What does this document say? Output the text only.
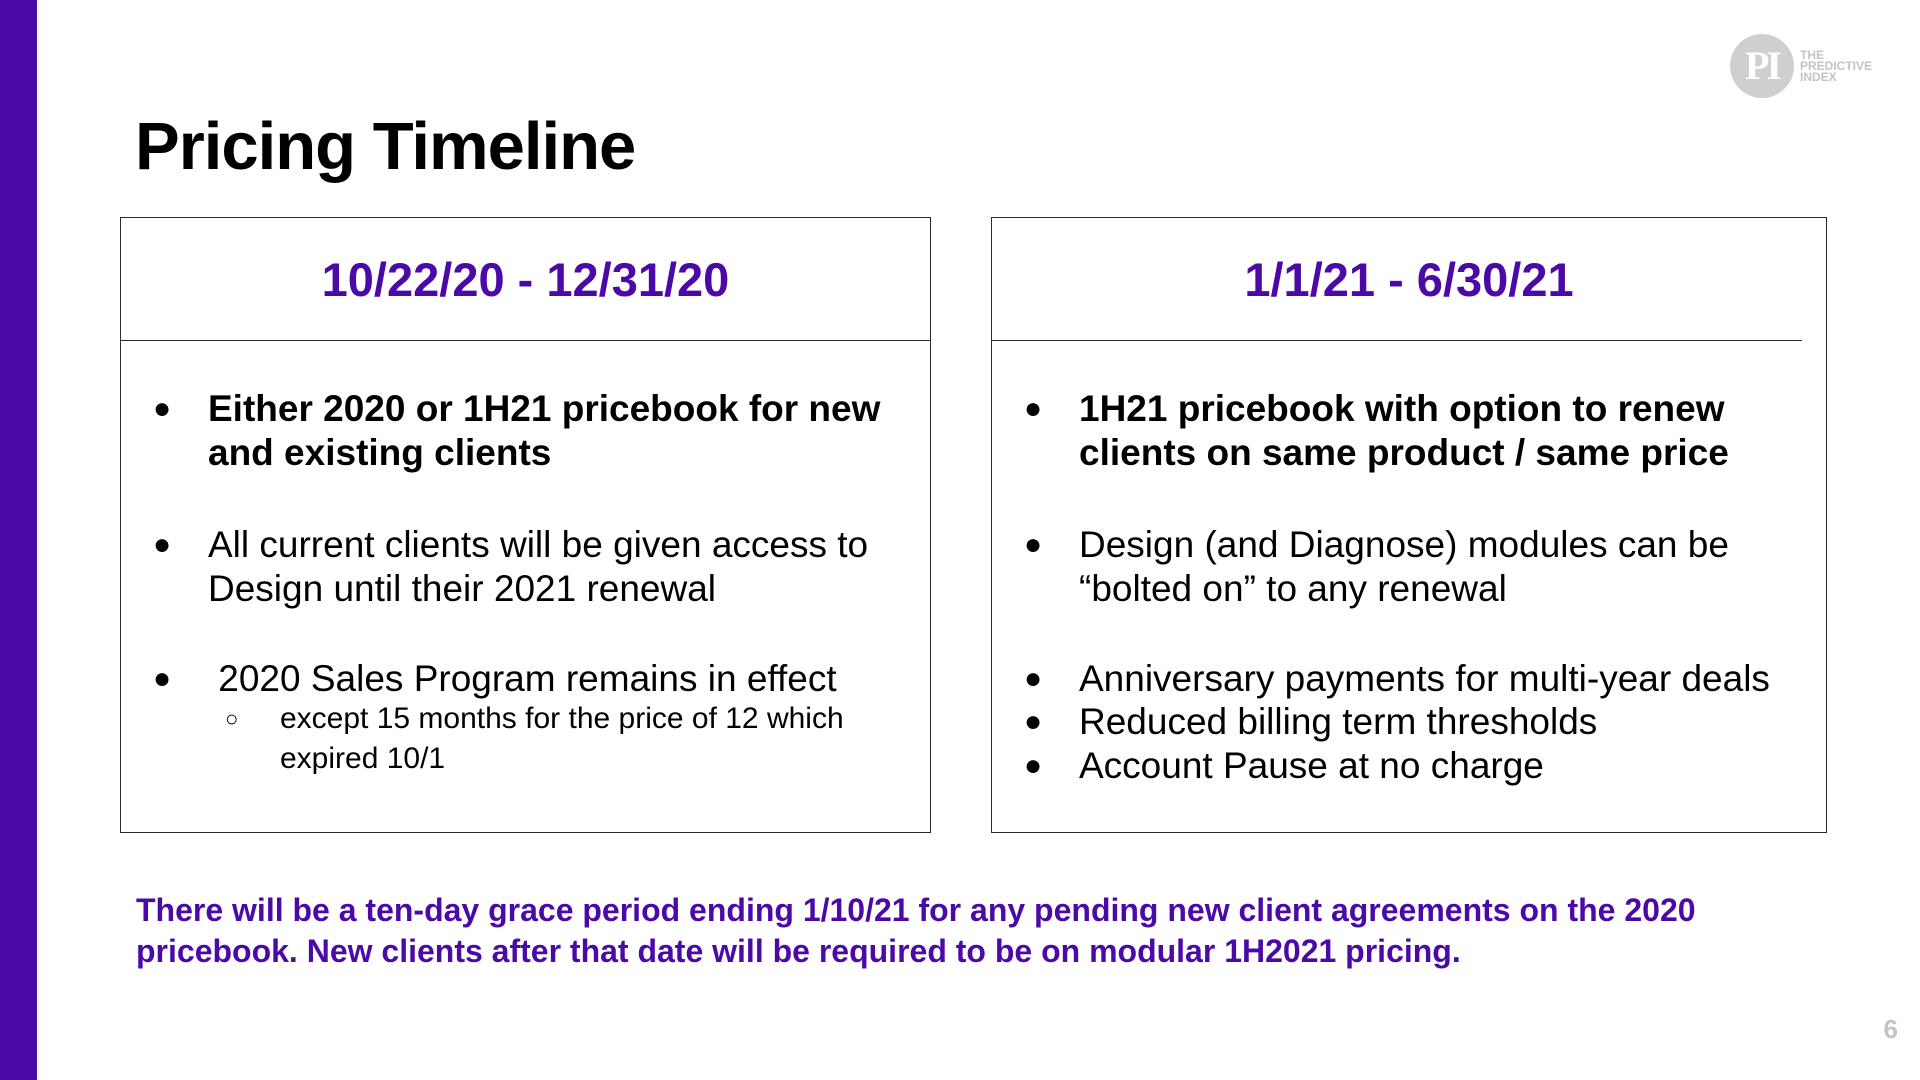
PI	THE
PREDICTIVE
INDEX
Pricing Timeline
10/22/20 - 12/31/20
● Either 2020 or 1H21 pricebook for new
and existing clients
● All current clients will be given access to
Design until their 2021 renewal
● 2020 Sales Program remains in effect
○ except 15 months for the price of 12 which
expired 10/1
1/1/21 - 6/30/21
● 1H21 pricebook with option to renew
clients on same product / same price
● Design (and Diagnose) modules can be
“bolted on” to any renewal
● Anniversary payments for multi-year deals
● Reduced billing term thresholds
● Account Pause at no charge
There will be a ten-day grace period ending 1/10/21 for any pending new client agreements on the 2020
pricebook. New clients after that date will be required to be on modular 1H2021 pricing.
6
